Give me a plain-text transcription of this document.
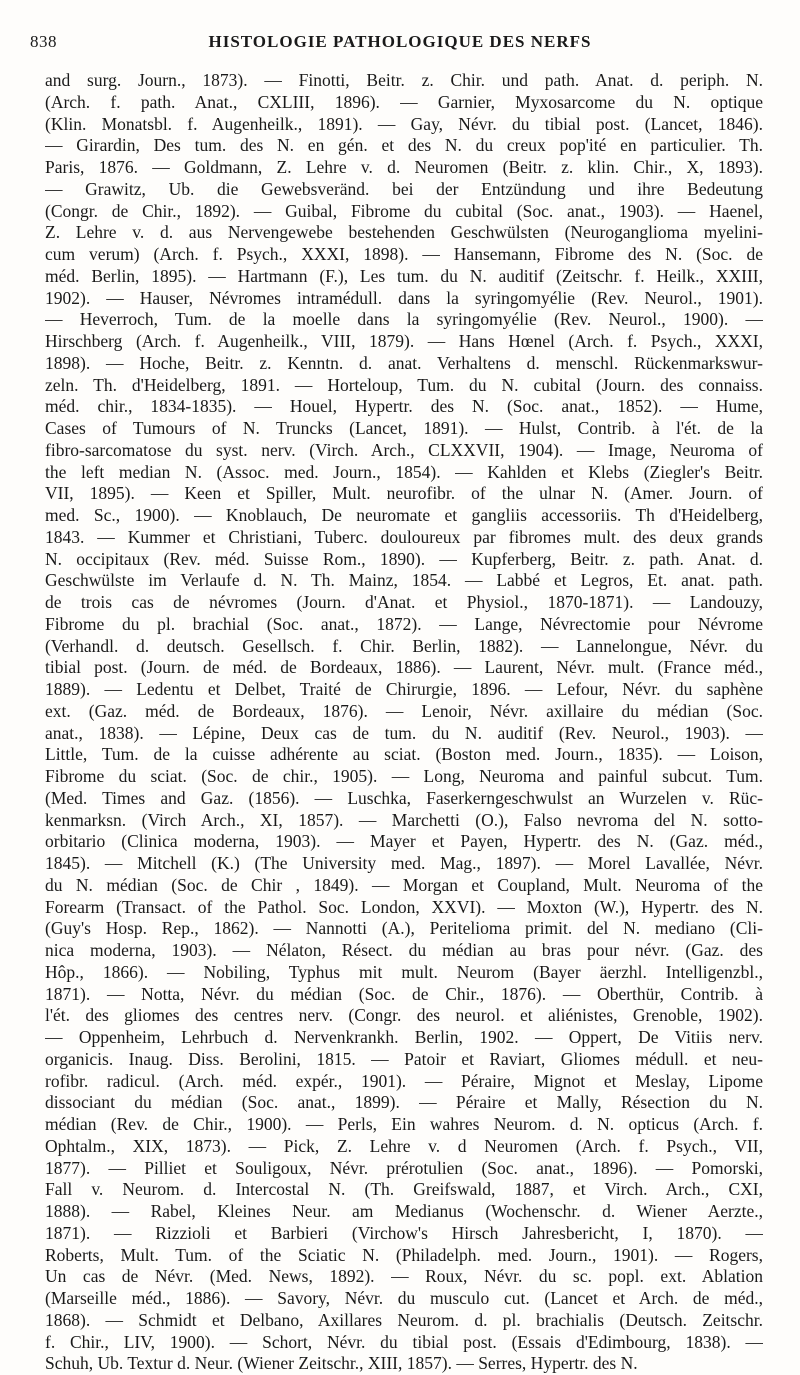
838	HISTOLOGIE PATHOLOGIQUE DES NERFS
and surg. Journ., 1873). — Finotti, Beitr. z. Chir. und path. Anat. d. periph. N.
(Arch. f. path. Anat., CXLIII, 1896). — Garnier, Myxosarcome du N. optique
(Klin. Monatsbl. f. Augenheilk., 1891). — Gay, Névr. du tibial post. (Lancet, 1846).
— Girardin, Des tum. des N. en gén. et des N. du creux pop'ité en particulier. Th.
Paris, 1876. — Goldmann, Z. Lehre v. d. Neuromen (Beitr. z. klin. Chir., X, 1893).
— Grawitz, Ub. die Gewebsveränd. bei der Entzündung und ihre Bedeutung
(Congr. de Chir., 1892). — Guibal, Fibrome du cubital (Soc. anat., 1903). — Haenel,
Z. Lehre v. d. aus Nervengewebe bestehenden Geschwülsten (Neuroganglioma myelini-
cum verum) (Arch. f. Psych., XXXI, 1898). — Hansemann, Fibrome des N. (Soc. de
méd. Berlin, 1895). — Hartmann (F.), Les tum. du N. auditif (Zeitschr. f. Heilk., XXIII,
1902). — Hauser, Névromes intramédull. dans la syringomyélie (Rev. Neurol., 1901).
— Heverroch, Tum. de la moelle dans la syringomyélie (Rev. Neurol., 1900). —
Hirschberg (Arch. f. Augenheilk., VIII, 1879). — Hans Hœnel (Arch. f. Psych., XXXI,
1898). — Hoche, Beitr. z. Kenntn. d. anat. Verhaltens d. menschl. Rückenmarkswur-
zeln. Th. d'Heidelberg, 1891. — Horteloup, Tum. du N. cubital (Journ. des connaiss.
méd. chir., 1834-1835). — Houel, Hypertr. des N. (Soc. anat., 1852). — Hume,
Cases of Tumours of N. Truncks (Lancet, 1891). — Hulst, Contrib. à l'ét. de la
fibro-sarcomatose du syst. nerv. (Virch. Arch., CLXXVII, 1904). — Image, Neuroma of
the left median N. (Assoc. med. Journ., 1854). — Kahlden et Klebs (Ziegler's Beitr.
VII, 1895). — Keen et Spiller, Mult. neurofibr. of the ulnar N. (Amer. Journ. of
med. Sc., 1900). — Knoblauch, De neuromate et gangliis accessoriis. Th d'Heidelberg,
1843. — Kummer et Christiani, Tuberc. douloureux par fibromes mult. des deux grands
N. occipitaux (Rev. méd. Suisse Rom., 1890). — Kupferberg, Beitr. z. path. Anat. d.
Geschwülste im Verlaufe d. N. Th. Mainz, 1854. — Labbé et Legros, Et. anat. path.
de trois cas de névromes (Journ. d'Anat. et Physiol., 1870-1871). — Landouzy,
Fibrome du pl. brachial (Soc. anat., 1872). — Lange, Névrectomie pour Névrome
(Verhandl. d. deutsch. Gesellsch. f. Chir. Berlin, 1882). — Lannelongue, Névr. du
tibial post. (Journ. de méd. de Bordeaux, 1886). — Laurent, Névr. mult. (France méd.,
1889). — Ledentu et Delbet, Traité de Chirurgie, 1896. — Lefour, Névr. du saphène
ext. (Gaz. méd. de Bordeaux, 1876). — Lenoir, Névr. axillaire du médian (Soc.
anat., 1838). — Lépine, Deux cas de tum. du N. auditif (Rev. Neurol., 1903). —
Little, Tum. de la cuisse adhérente au sciat. (Boston med. Journ., 1835). — Loison,
Fibrome du sciat. (Soc. de chir., 1905). — Long, Neuroma and painful subcut. Tum.
(Med. Times and Gaz. (1856). — Luschka, Faserkerngeschwulst an Wurzelen v. Rüc-
kenmarksn. (Virch Arch., XI, 1857). — Marchetti (O.), Falso nevroma del N. sotto-
orbitario (Clinica moderna, 1903). — Mayer et Payen, Hypertr. des N. (Gaz. méd.,
1845). — Mitchell (K.) (The University med. Mag., 1897). — Morel Lavallée, Névr.
du N. médian (Soc. de Chir , 1849). — Morgan et Coupland, Mult. Neuroma of the
Forearm (Transact. of the Pathol. Soc. London, XXVI). — Moxton (W.), Hypertr. des N.
(Guy's Hosp. Rep., 1862). — Nannotti (A.), Peritelioma primit. del N. mediano (Cli-
nica moderna, 1903). — Nélaton, Résect. du médian au bras pour névr. (Gaz. des
Hôp., 1866). — Nobiling, Typhus mit mult. Neurom (Bayer äerzhl. Intelligenzbl.,
1871). — Notta, Névr. du médian (Soc. de Chir., 1876). — Oberthür, Contrib. à
l'ét. des gliomes des centres nerv. (Congr. des neurol. et aliénistes, Grenoble, 1902).
— Oppenheim, Lehrbuch d. Nervenkrankh. Berlin, 1902. — Oppert, De Vitiis nerv.
organicis. Inaug. Diss. Berolini, 1815. — Patoir et Raviart, Gliomes médull. et neu-
rofibr. radicul. (Arch. méd. expér., 1901). — Péraire, Mignot et Meslay, Lipome
dissociant du médian (Soc. anat., 1899). — Péraire et Mally, Résection du N.
médian (Rev. de Chir., 1900). — Perls, Ein wahres Neurom. d. N. opticus (Arch. f.
Ophtalm., XIX, 1873). — Pick, Z. Lehre v. d Neuromen (Arch. f. Psych., VII,
1877). — Pilliet et Souligoux, Névr. prérotulien (Soc. anat., 1896). — Pomorski,
Fall v. Neurom. d. Intercostal N. (Th. Greifswald, 1887, et Virch. Arch., CXI,
1888). — Rabel, Kleines Neur. am Medianus (Wochenschr. d. Wiener Aerzte.,
1871). — Rizzioli et Barbieri (Virchow's Hirsch Jahresbericht, I, 1870). —
Roberts, Mult. Tum. of the Sciatic N. (Philadelph. med. Journ., 1901). — Rogers,
Un cas de Névr. (Med. News, 1892). — Roux, Névr. du sc. popl. ext. Ablation
(Marseille méd., 1886). — Savory, Névr. du musculo cut. (Lancet et Arch. de méd.,
1868). — Schmidt et Delbano, Axillares Neurom. d. pl. brachialis (Deutsch. Zeitschr.
f. Chir., LIV, 1900). — Schort, Névr. du tibial post. (Essais d'Edimbourg, 1838). —
Schuh, Ub. Textur d. Neur. (Wiener Zeitschr., XIII, 1857). — Serres, Hypertr. des N.
